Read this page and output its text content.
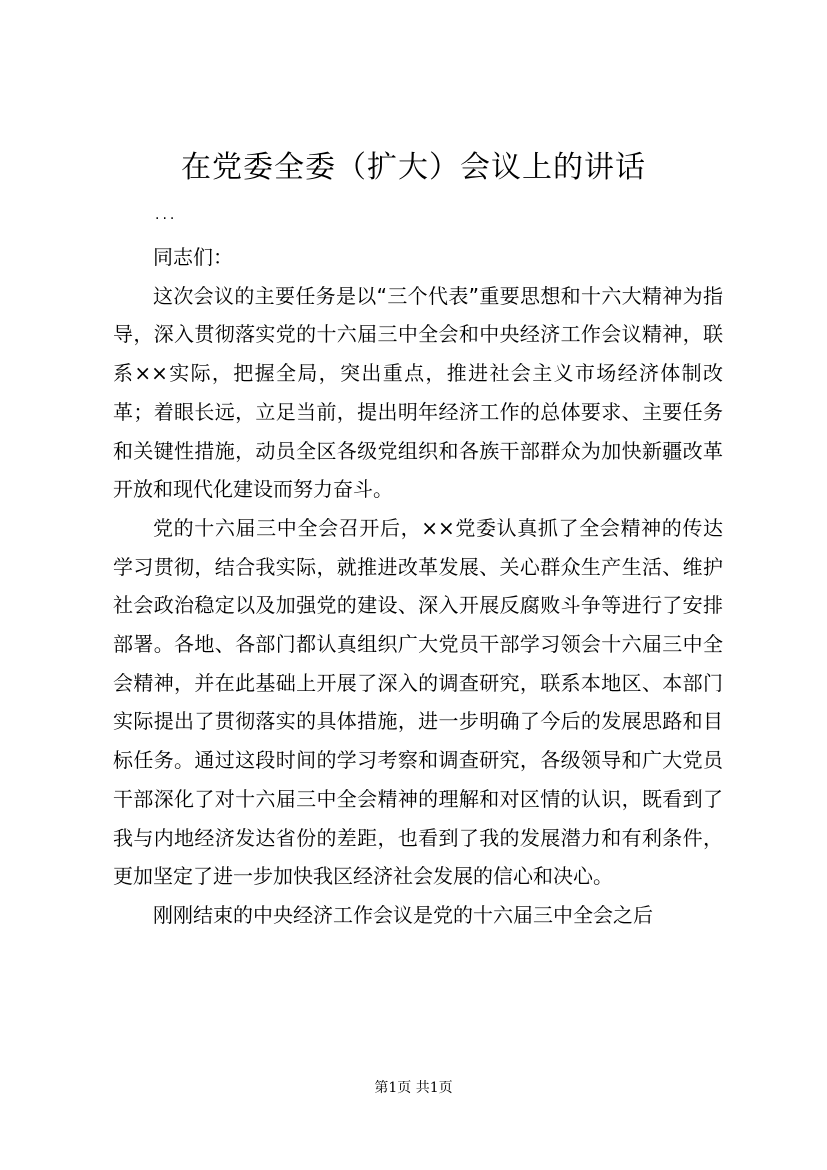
在党委全委（扩大）会议上的讲话
...

同志们：

这次会议的主要任务是以“三个代表”重要思想和十六大精神为指导，深入贯彻落实党的十六届三中全会和中央经济工作会议精神，联系××实际，把握全局，突出重点，推进社会主义市场经济体制改革；着眼长远，立足当前，提出明年经济工作的总体要求、主要任务和关键性措施，动员全区各级党组织和各族干部群众为加快新疆改革开放和现代化建设而努力奋斗。

党的十六届三中全会召开后，××党委认真抓了全会精神的传达学习贯彻，结合我实际，就推进改革发展、关心群众生产生活、维护社会政治稳定以及加强党的建设、深入开展反腐败斗争等进行了安排部署。各地、各部门都认真组织广大党员干部学习领会十六届三中全会精神，并在此基础上开展了深入的调查研究，联系本地区、本部门实际提出了贯彻落实的具体措施，进一步明确了今后的发展思路和目标任务。通过这段时间的学习考察和调查研究，各级领导和广大党员干部深化了对十六届三中全会精神的理解和对区情的认识，既看到了我与内地经济发达省份的差距，也看到了我的发展潜力和有利条件，更加坚定了进一步加快我区经济社会发展的信心和决心。

刚刚结束的中央经济工作会议是党的十六届三中全会之后

第1页 共1页
